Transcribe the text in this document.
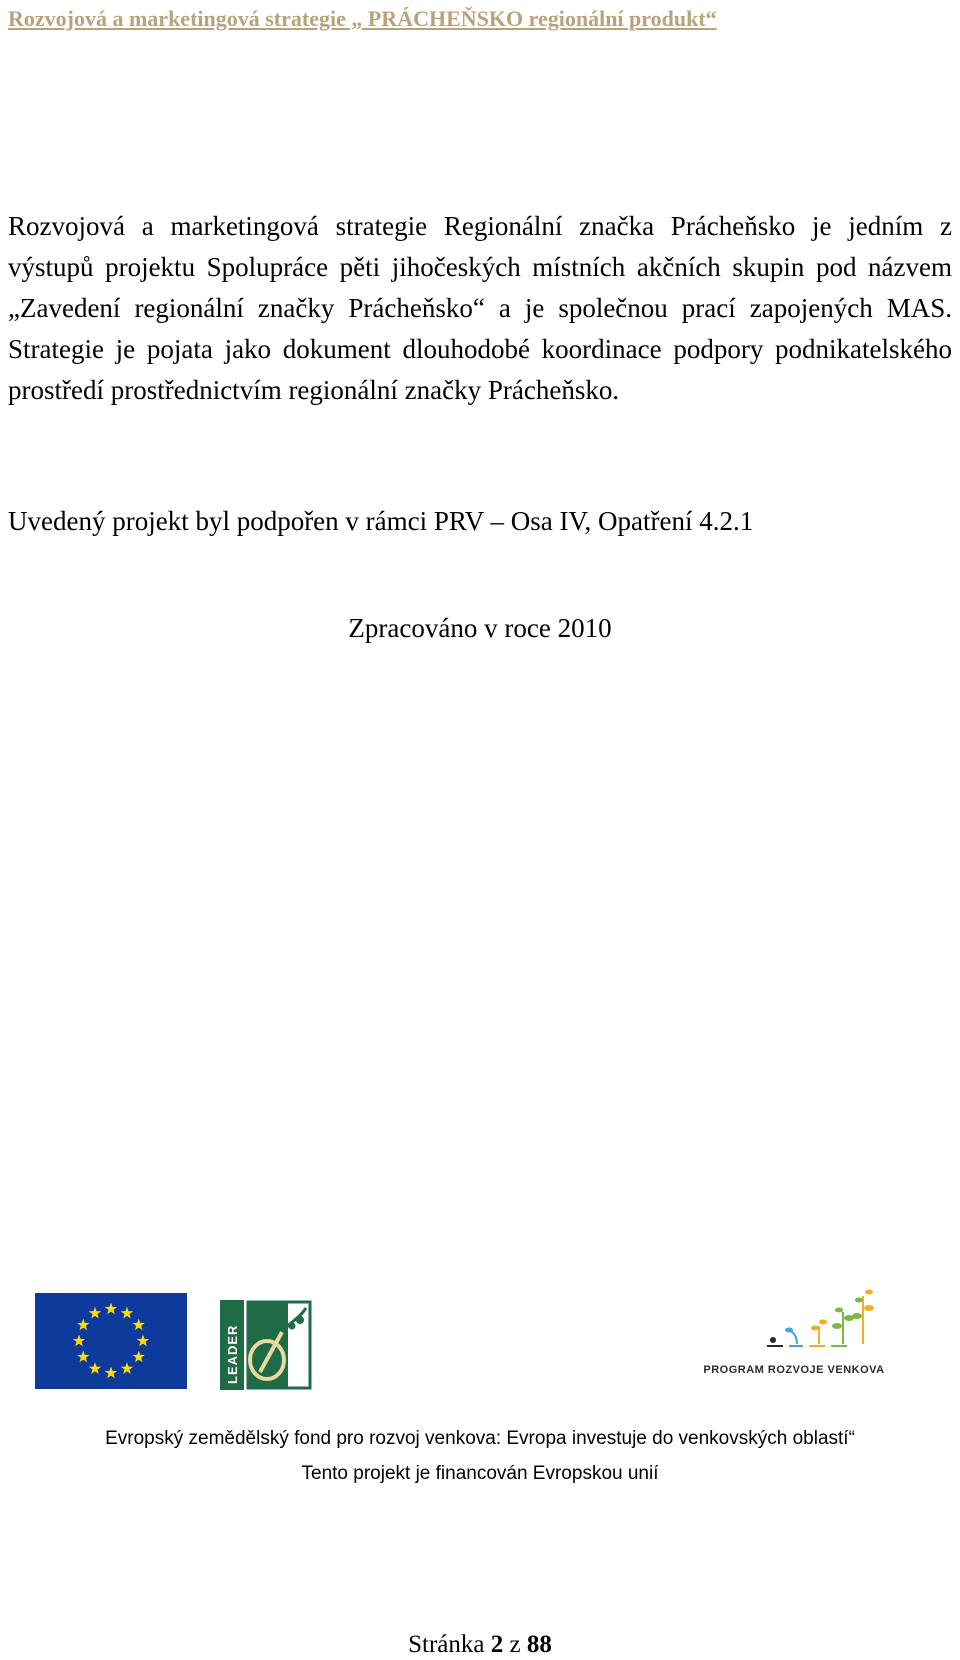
Rozvojová a marketingová strategie „ PRÁCHEŇSKO regionální produkt“

Rozvojová a marketingová strategie Regionální značka Prácheňsko je jedním z výstupů projektu Spolupráce pěti jihočeských místních akčních skupin pod názvem „Zavedení regionální značky Prácheňsko“ a je společnou prací zapojených MAS. Strategie je pojata jako dokument dlouhodobé koordinace podpory podnikatelského prostředí prostřednictvím regionální značky Prácheňsko.

Uvedený projekt byl podpořen v rámci PRV – Osa IV, Opatření 4.2.1

Zpracováno v roce 2010
LEADER	PROGRAM ROZVOJE VENKOVA
Evropský zemědělský fond pro rozvoj venkova: Evropa investuje do venkovských oblastí“
Tento projekt je financován Evropskou unií
Stránka 2 z 88
